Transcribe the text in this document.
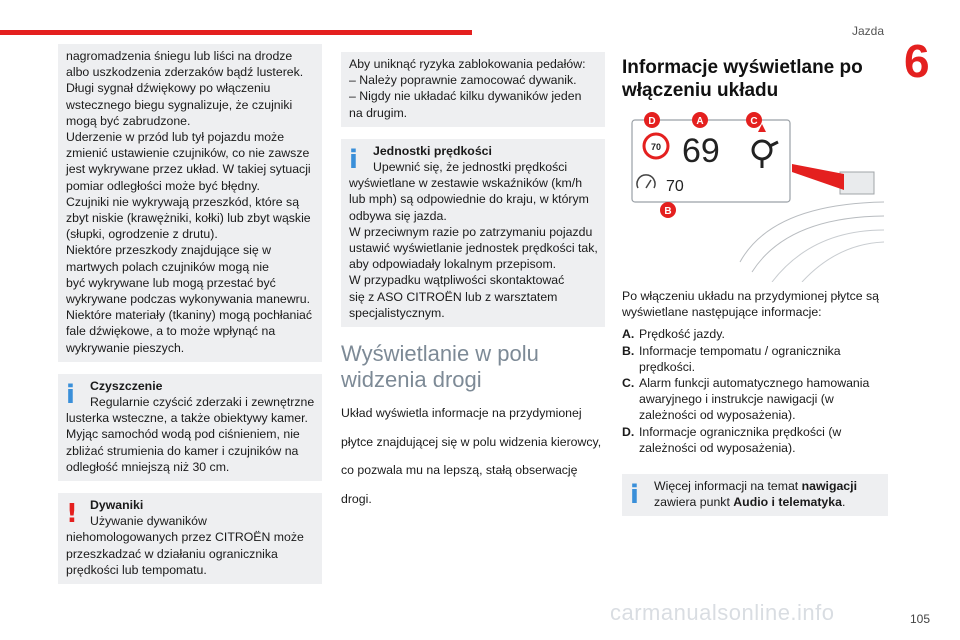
Jazda
6

nagromadzenia śniegu lub liści na drodze

albo uszkodzenia zderzaków bądź lusterek.

Długi sygnał dźwiękowy po włączeniu

wstecznego biegu sygnalizuje, że czujniki

mogą być zabrudzone.

Uderzenie w przód lub tył pojazdu może

zmienić ustawienie czujników, co nie zawsze

jest wykrywane przez układ. W takiej sytuacji

pomiar odległości może być błędny.

Czujniki nie wykrywają przeszkód, które są

zbyt niskie (krawężniki, kołki) lub zbyt wąskie

(słupki, ogrodzenie z drutu).

Niektóre przeszkody znajdujące się w

martwych polach czujników mogą nie

być wykrywane lub mogą przestać być

wykrywane podczas wykonywania manewru.

Niektóre materiały (tkaniny) mogą pochłaniać

fale dźwiękowe, a to może wpłynąć na

wykrywanie pieszych.

i Czyszczenie

Regularnie czyścić zderzaki i zewnętrzne

lusterka wsteczne, a także obiektywy kamer.

Myjąc samochód wodą pod ciśnieniem, nie

zbliżać strumienia do kamer i czujników na

odległość mniejszą niż 30 cm.

! Dywaniki

Używanie dywaników

niehomologowanych przez CITROËN może

przeszkadzać w działaniu ogranicznika

prędkości lub tempomatu.

Aby uniknąć ryzyka zablokowania pedałów:

– Należy poprawnie zamocować dywanik.

– Nigdy nie układać kilku dywaników jeden

na drugim.

i Jednostki prędkości

Upewnić się, że jednostki prędkości

wyświetlane w zestawie wskaźników (km/h

lub mph) są odpowiednie do kraju, w którym

odbywa się jazda.

W przeciwnym razie po zatrzymaniu pojazdu

ustawić wyświetlanie jednostek prędkości tak,

aby odpowiadały lokalnym przepisom.

W przypadku wątpliwości skontaktować

się z ASO CITROËN lub z warsztatem

specjalistycznym.

Wyświetlanie w polu widzenia drogi

Układ wyświetla informacje na przydymionej

płytce znajdującej się w polu widzenia kierowcy,

co pozwala mu na lepszą, stałą obserwację

drogi.

Informacje wyświetlane po włączeniu układu
70 69
70
D	A	C
B

Po włączeniu układu na przydymionej płytce są wyświetlane następujące informacje:

A. Prędkość jazdy.
B. Informacje tempomatu / ogranicznika prędkości.
C. Alarm funkcji automatycznego hamowania awaryjnego i instrukcje nawigacji (w zależności od wyposażenia).
D. Informacje ogranicznika prędkości (w zależności od wyposażenia).
i Więcej informacji na temat nawigacji zawiera punkt Audio i telematyka.

carmanualsonline.info	105
